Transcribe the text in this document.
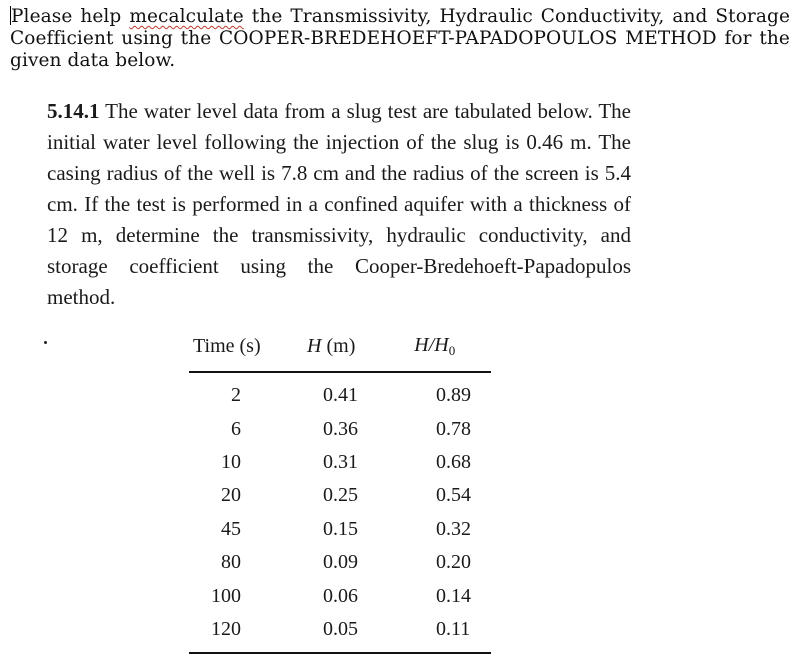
Please help mecalculate the Transmissivity, Hydraulic Conductivity, and Storage Coefficient using the COOPER-BREDEHOEFT-PAPADOPOULOS METHOD for the given data below.

5.14.1 The water level data from a slug test are tabulated below. The initial water level following the injection of the slug is 0.46 m. The casing radius of the well is 7.8 cm and the radius of the screen is 5.4 cm. If the test is performed in a confined aquifer with a thickness of 12 m, determine the transmissivity, hydraulic conductivity, and storage coefficient using the Cooper-Bredehoeft-Papadopulos method.

Time (s)	H (m)	$H/H_0$
2	0.41	0.89
6	0.36	0.78
10	0.31	0.68
20	0.25	0.54
45	0.15	0.32
80	0.09	0.20
100	0.06	0.14
120	0.05	0.11
